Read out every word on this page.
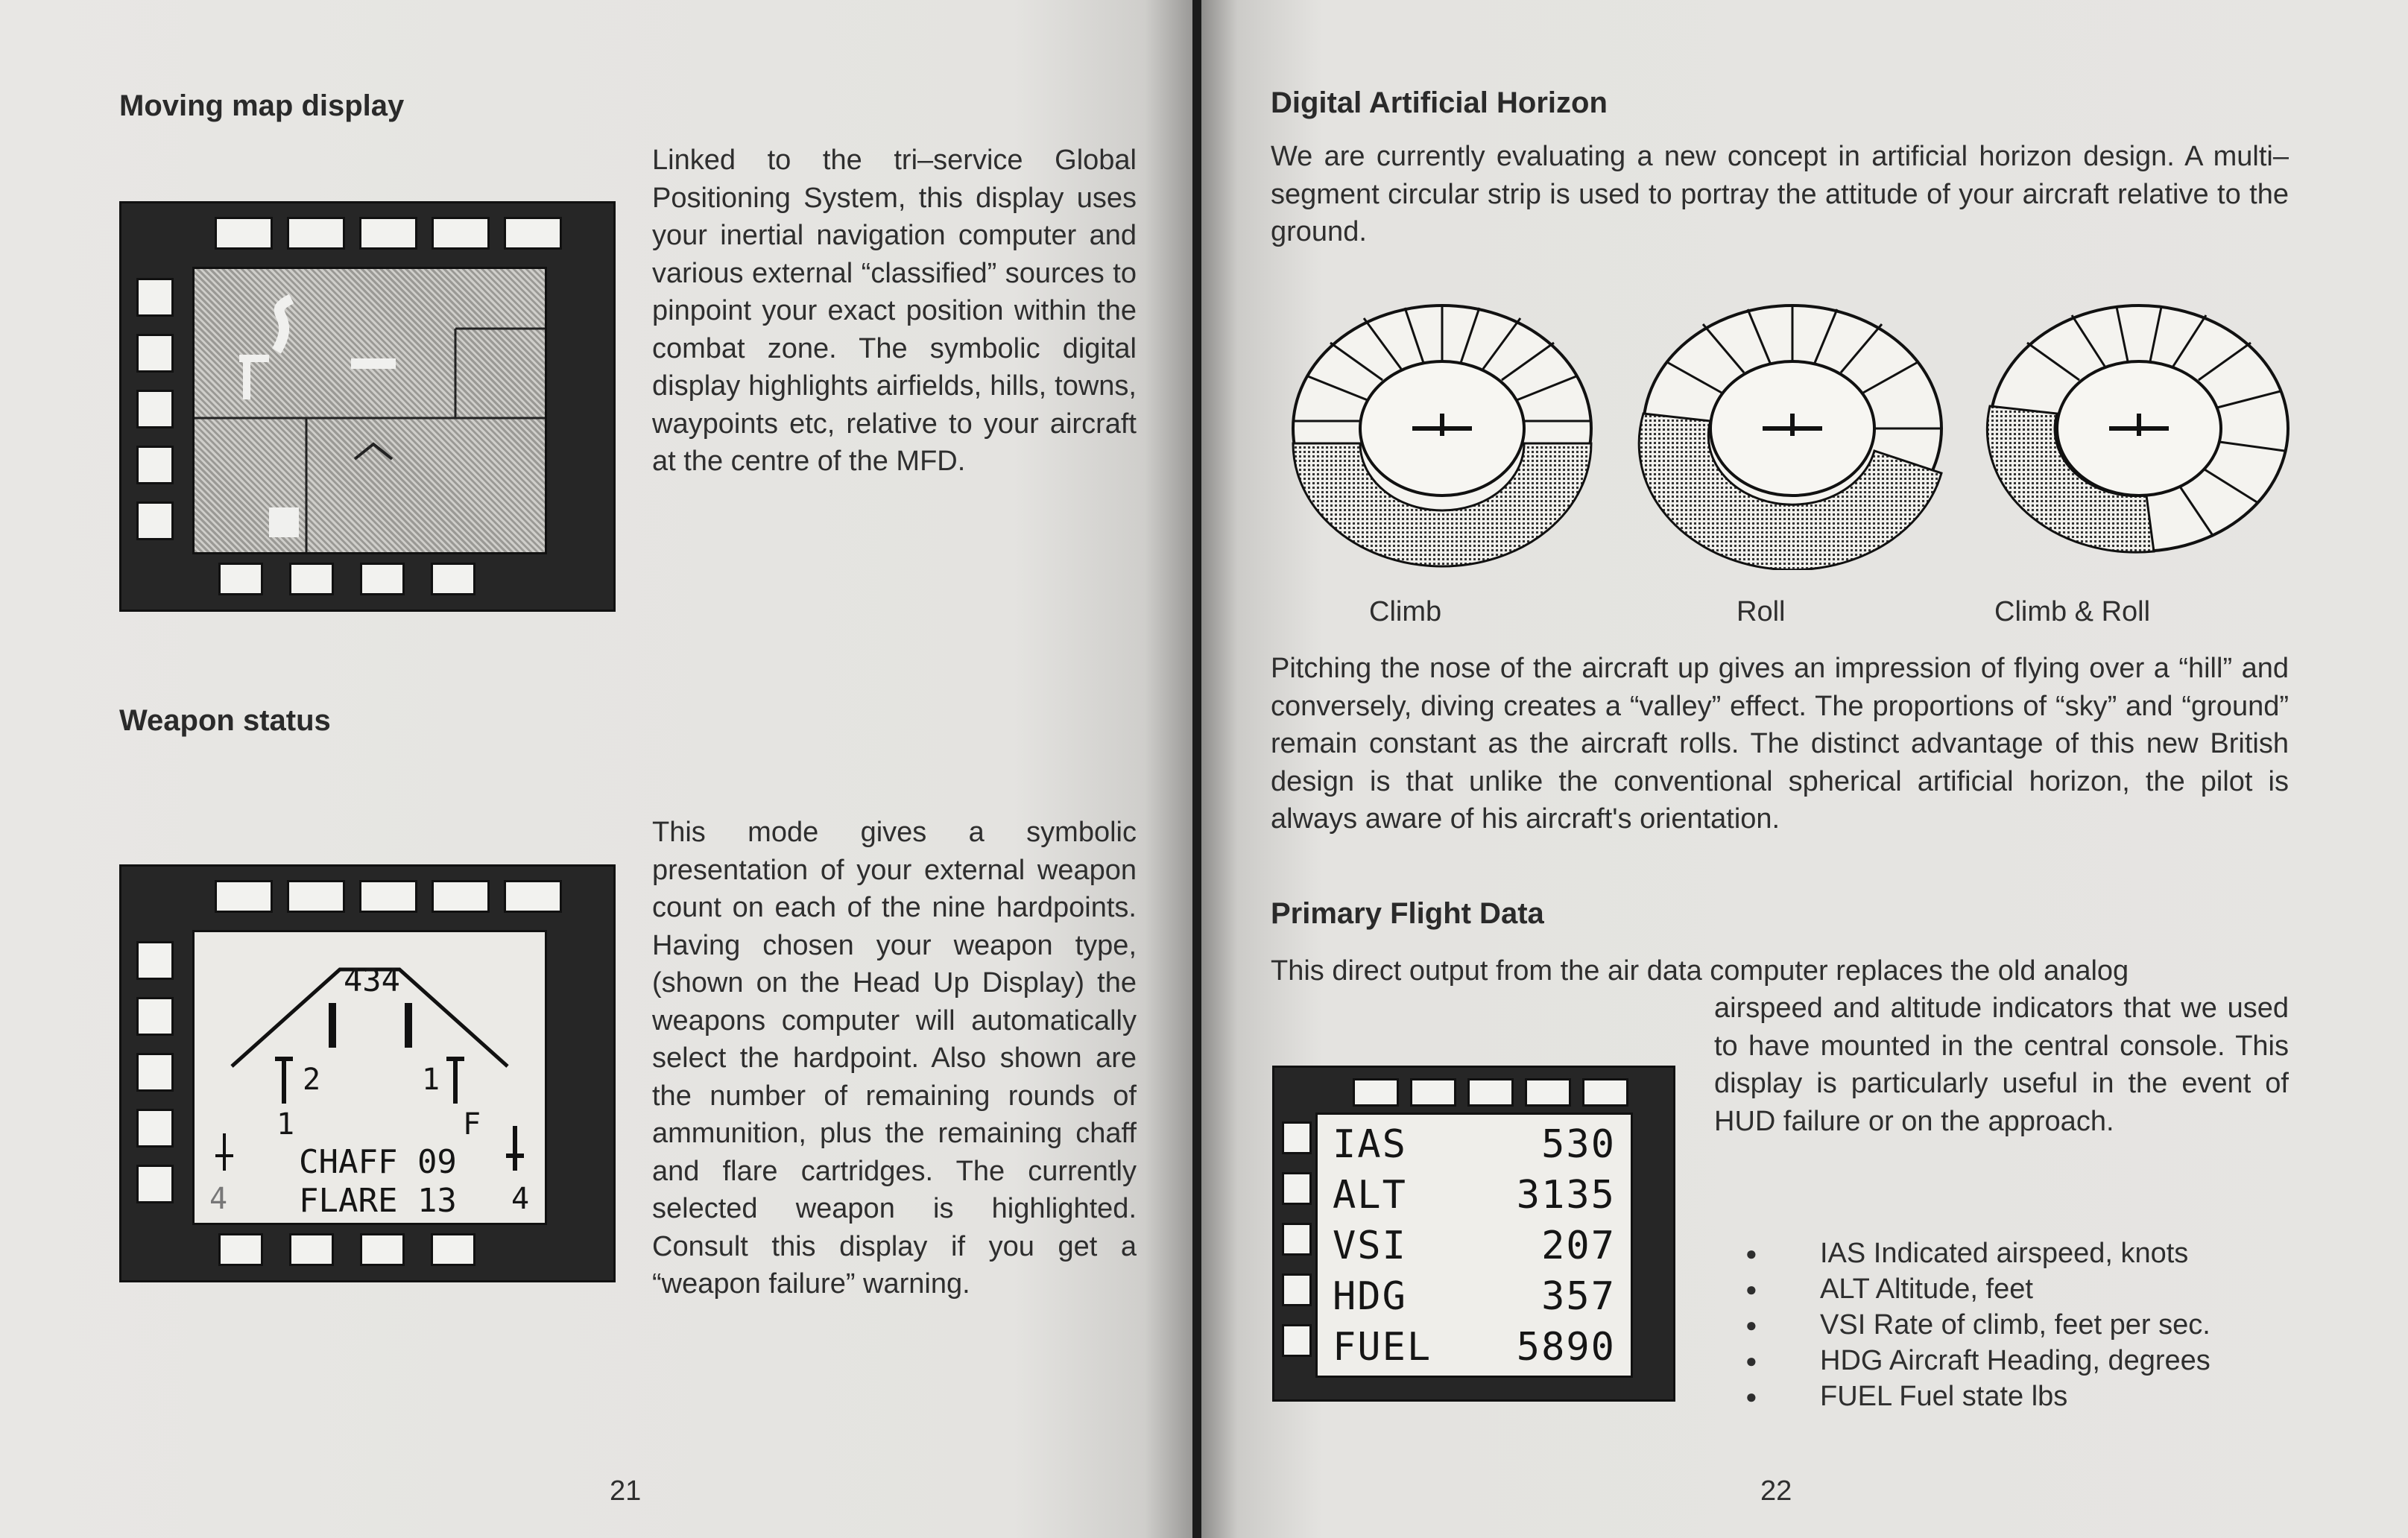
Moving map display

Linked to the tri–service Global Positioning System, this display uses your inertial navigation computer and various external “classified” sources to pinpoint your exact position within the combat zone. The symbolic digital display highlights airfields, hills, towns, waypoints etc, relative to your aircraft at the centre of the MFD.

Weapon status
434
2	1
1	F
CHAFF 09
FLARE 13
4	4

This mode gives a symbolic presentation of your external weapon count on each of the nine hardpoints. Having chosen your weapon type, (shown on the Head Up Display) the weapons computer will automatically select the hardpoint. Also shown are the number of remaining rounds of ammunition, plus the remaining chaff and flare cartridges. The currently selected weapon is highlighted. Consult this display if you get a “weapon failure” warning.

21
Digital Artificial Horizon

We are currently evaluating a new concept in artificial horizon design. A multi–segment circular strip is used to portray the attitude of your aircraft relative to the ground.

Climb	Roll	Climb & Roll

Pitching the nose of the aircraft up gives an impression of flying over a “hill” and conversely, diving creates a “valley” effect. The proportions of “sky” and “ground” remain constant as the aircraft rolls. The distinct advantage of this new British design is that unlike the conventional spherical artificial horizon, the pilot is always aware of his aircraft's orientation.

Primary Flight Data

This direct output from the air data computer replaces the old analog

airspeed and altitude indicators that we used to have mounted in the central console. This display is particularly useful in the event of HUD failure or on the approach.

IAS	530
ALT	3135
VSI	207
HDG	357
FUEL 5890
● IAS Indicated airspeed, knots
● ALT Altitude, feet
● VSI Rate of climb, feet per sec.
● HDG Aircraft Heading, degrees
● FUEL Fuel state lbs
22
